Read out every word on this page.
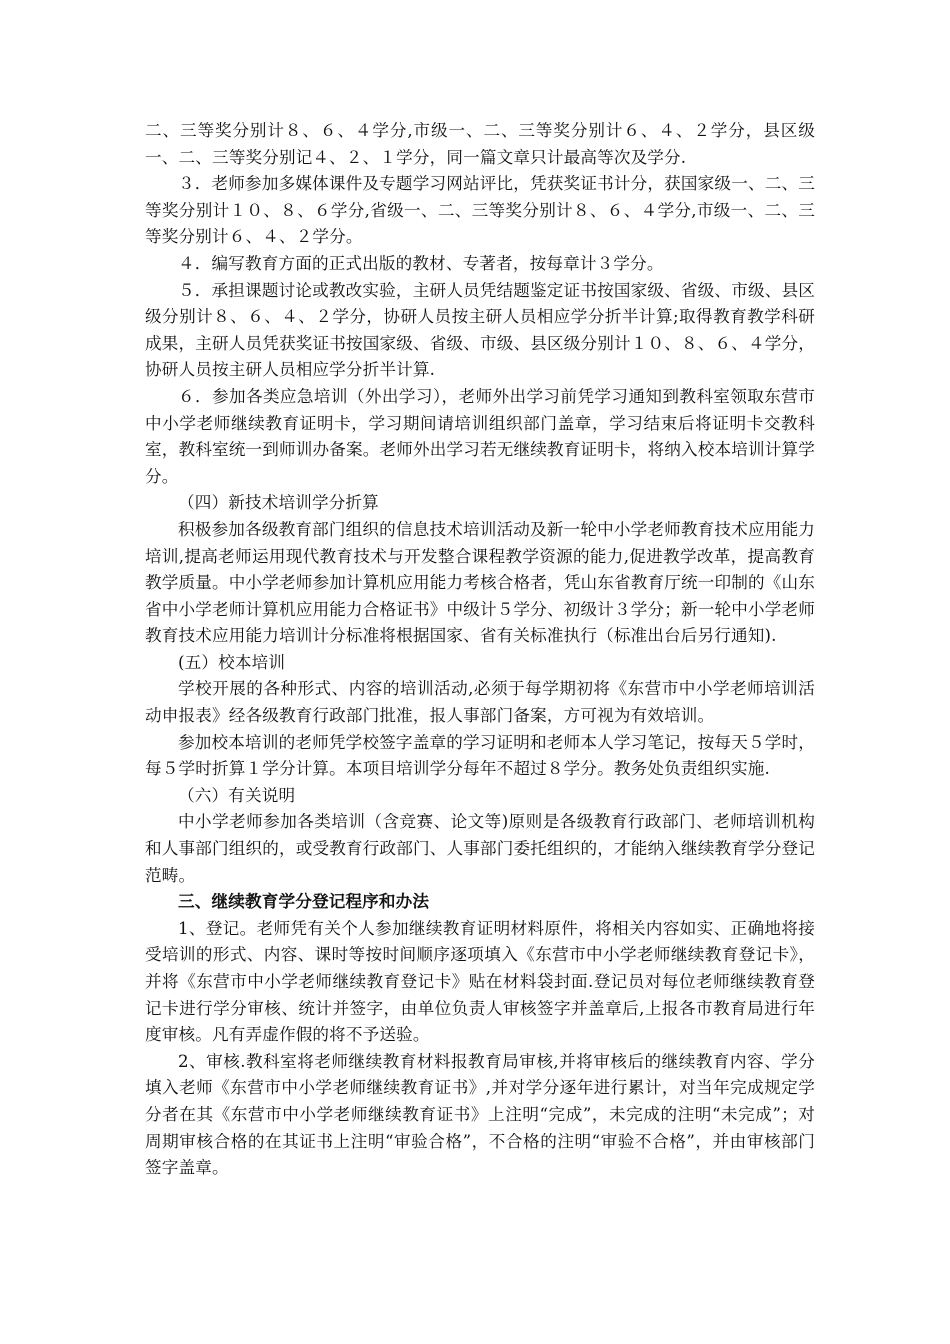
二、三等奖分别计８、６、４学分,市级一、二、三等奖分别计６、４、２学分，县区级一、二、三等奖分别记４、２、１学分，同一篇文章只计最高等次及学分.

３．老师参加多媒体课件及专题学习网站评比，凭获奖证书计分，获国家级一、二、三等奖分别计１０、８、６学分,省级一、二、三等奖分别计８、６、４学分,市级一、二、三等奖分别计６、４、２学分。

４．编写教育方面的正式出版的教材、专著者，按每章计３学分。

５．承担课题讨论或教改实验，主研人员凭结题鉴定证书按国家级、省级、市级、县区级分别计８、６、４、２学分，协研人员按主研人员相应学分折半计算;取得教育教学科研成果，主研人员凭获奖证书按国家级、省级、市级、县区级分别计１０、８、６、４学分，协研人员按主研人员相应学分折半计算.

６．参加各类应急培训（外出学习），老师外出学习前凭学习通知到教科室领取东营市中小学老师继续教育证明卡，学习期间请培训组织部门盖章，学习结束后将证明卡交教科室，教科室统一到师训办备案。老师外出学习若无继续教育证明卡，将纳入校本培训计算学分。

（四）新技术培训学分折算

积极参加各级教育部门组织的信息技术培训活动及新一轮中小学老师教育技术应用能力培训,提高老师运用现代教育技术与开发整合课程教学资源的能力,促进教学改革，提高教育教学质量。中小学老师参加计算机应用能力考核合格者，凭山东省教育厅统一印制的《山东省中小学老师计算机应用能力合格证书》中级计５学分、初级计３学分；新一轮中小学老师教育技术应用能力培训计分标准将根据国家、省有关标准执行（标准出台后另行通知).

(五）校本培训

学校开展的各种形式、内容的培训活动,必须于每学期初将《东营市中小学老师培训活动申报表》经各级教育行政部门批准，报人事部门备案，方可视为有效培训。

参加校本培训的老师凭学校签字盖章的学习证明和老师本人学习笔记，按每天５学时，每５学时折算１学分计算。本项目培训学分每年不超过８学分。教务处负责组织实施.

（六）有关说明

中小学老师参加各类培训（含竞赛、论文等)原则是各级教育行政部门、老师培训机构和人事部门组织的，或受教育行政部门、人事部门委托组织的，才能纳入继续教育学分登记范畴。

三、继续教育学分登记程序和办法

1、登记。老师凭有关个人参加继续教育证明材料原件，将相关内容如实、正确地将接受培训的形式、内容、课时等按时间顺序逐项填入《东营市中小学老师继续教育登记卡》，并将《东营市中小学老师继续教育登记卡》贴在材料袋封面.登记员对每位老师继续教育登记卡进行学分审核、统计并签字，由单位负责人审核签字并盖章后,上报各市教育局进行年度审核。凡有弄虚作假的将不予送验。

2、审核.教科室将老师继续教育材料报教育局审核,并将审核后的继续教育内容、学分填入老师《东营市中小学老师继续教育证书》,并对学分逐年进行累计，对当年完成规定学分者在其《东营市中小学老师继续教育证书》上注明“完成”，未完成的注明“未完成”；对周期审核合格的在其证书上注明“审验合格”，不合格的注明“审验不合格”，并由审核部门签字盖章。
